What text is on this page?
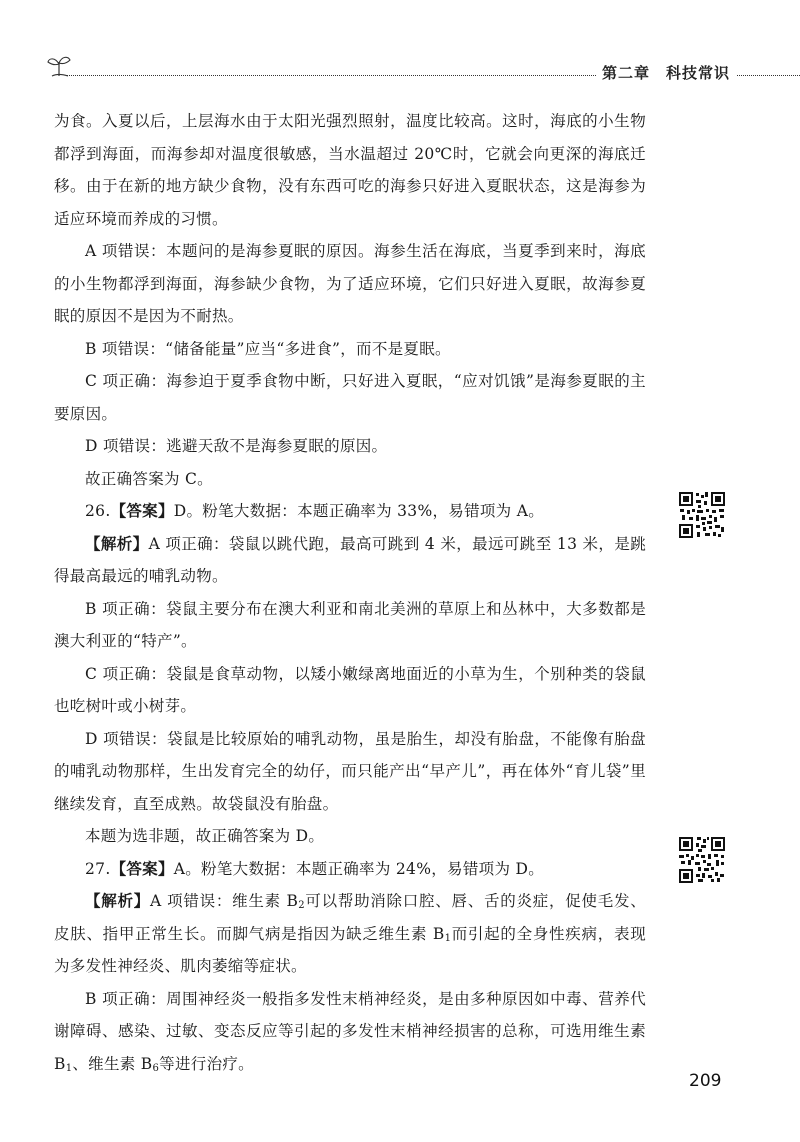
第二章　科技常识

为食。入夏以后，上层海水由于太阳光强烈照射，温度比较高。这时，海底的小生物都浮到海面，而海参却对温度很敏感，当水温超过 20℃时，它就会向更深的海底迁移。由于在新的地方缺少食物，没有东西可吃的海参只好进入夏眠状态，这是海参为适应环境而养成的习惯。

A 项错误：本题问的是海参夏眠的原因。海参生活在海底，当夏季到来时，海底的小生物都浮到海面，海参缺少食物，为了适应环境，它们只好进入夏眠，故海参夏眠的原因不是因为不耐热。

B 项错误：“储备能量”应当“多进食”，而不是夏眠。

C 项正确：海参迫于夏季食物中断，只好进入夏眠，“应对饥饿”是海参夏眠的主要原因。

D 项错误：逃避天敌不是海参夏眠的原因。

故正确答案为 C。

26.【答案】D。粉笔大数据：本题正确率为 33%，易错项为 A。

【解析】A 项正确：袋鼠以跳代跑，最高可跳到 4 米，最远可跳至 13 米，是跳得最高最远的哺乳动物。

B 项正确：袋鼠主要分布在澳大利亚和南北美洲的草原上和丛林中，大多数都是澳大利亚的“特产”。

C 项正确：袋鼠是食草动物，以矮小嫩绿离地面近的小草为生，个别种类的袋鼠也吃树叶或小树芽。

D 项错误：袋鼠是比较原始的哺乳动物，虽是胎生，却没有胎盘，不能像有胎盘的哺乳动物那样，生出发育完全的幼仔，而只能产出“早产儿”，再在体外“育儿袋”里继续发育，直至成熟。故袋鼠没有胎盘。

本题为选非题，故正确答案为 D。

27.【答案】A。粉笔大数据：本题正确率为 24%，易错项为 D。

【解析】A 项错误：维生素 $B_2$可以帮助消除口腔、唇、舌的炎症，促使毛发、皮肤、指甲正常生长。而脚气病是指因为缺乏维生素 $B_1$而引起的全身性疾病，表现为多发性神经炎、肌肉萎缩等症状。

B 项正确：周围神经炎一般指多发性末梢神经炎，是由多种原因如中毒、营养代谢障碍、感染、过敏、变态反应等引起的多发性末梢神经损害的总称，可选用维生素 $B_1$、维生素 $B_6$等进行治疗。

209
